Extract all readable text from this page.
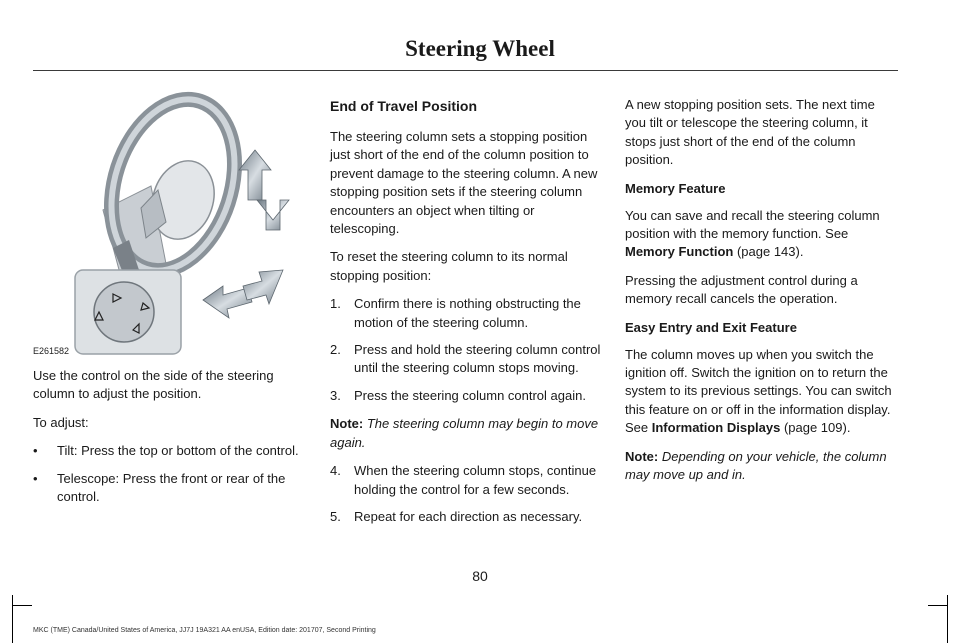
Steering Wheel
E261582

Use the control on the side of the steering column to adjust the position.

To adjust:

• Tilt: Press the top or bottom of the control.
• Telescope: Press the front or rear of the control.
End of Travel Position

The steering column sets a stopping position just short of the end of the column position to prevent damage to the steering column. A new stopping position sets if the steering column encounters an object when tilting or telescoping.

To reset the steering column to its normal stopping position:

1. Confirm there is nothing obstructing the motion of the steering column.
2. Press and hold the steering column control until the steering column stops moving.
3. Press the steering column control again.

Note: The steering column may begin to move again.

4. When the steering column stops, continue holding the control for a few seconds.
5. Repeat for each direction as necessary.

A new stopping position sets. The next time you tilt or telescope the steering column, it stops just short of the end of the column position.

Memory Feature

You can save and recall the steering column position with the memory function. See Memory Function (page 143).

Pressing the adjustment control during a memory recall cancels the operation.

Easy Entry and Exit Feature

The column moves up when you switch the ignition off. Switch the ignition on to return the system to its previous settings. You can switch this feature on or off in the information display. See Information Displays (page 109).

Note: Depending on your vehicle, the column may move up and in.

80
MKC (TME) Canada/United States of America, JJ7J 19A321 AA enUSA, Edition date: 201707, Second Printing
